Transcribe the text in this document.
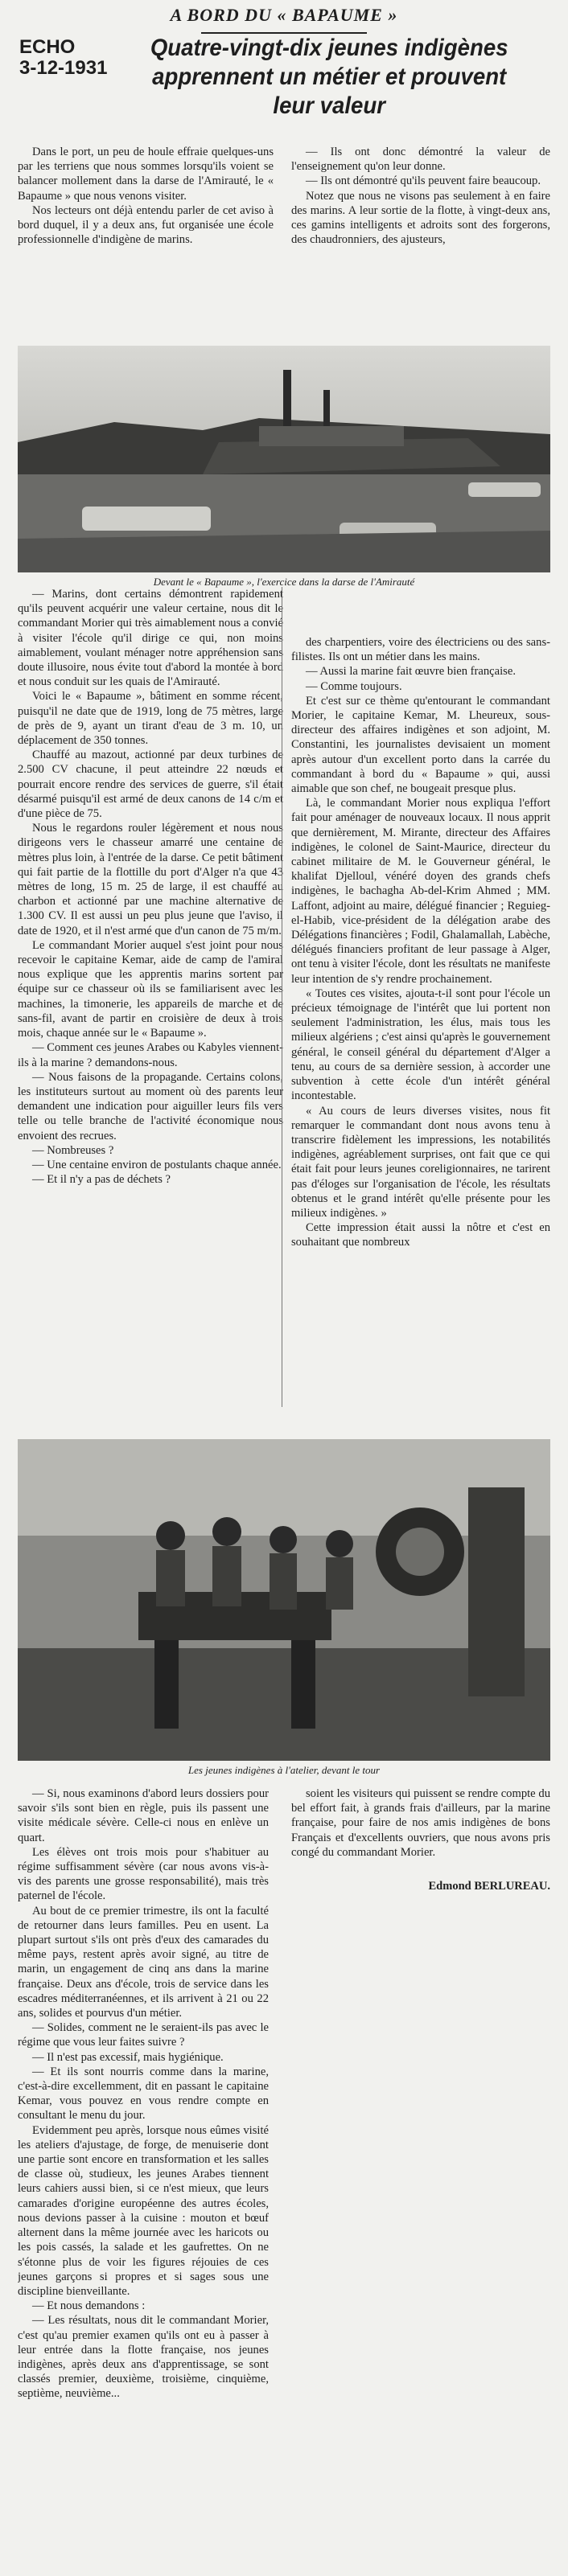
A BORD DU « BAPAUME »
ECHO
3-12-1931
Quatre-vingt-dix jeunes indigènes apprennent un métier et prouvent leur valeur

Dans le port, un peu de houle effraie quelques-uns par les terriens que nous sommes lorsqu'ils voient se balancer mollement dans la darse de l'Amirauté, le « Bapaume » que nous venons visiter.

Nos lecteurs ont déjà entendu parler de cet aviso à bord duquel, il y a deux ans, fut organisée une école professionnelle d'indigène de marins.

— Ils ont donc démontré la valeur de l'enseignement qu'on leur donne.

— Ils ont démontré qu'ils peuvent faire beaucoup.

Notez que nous ne visons pas seulement à en faire des marins. A leur sortie de la flotte, à vingt-deux ans, ces gamins intelligents et adroits sont des forgerons, des chaudronniers, des ajusteurs,

Devant le « Bapaume », l'exercice dans la darse de l'Amirauté

— Marins, dont certains démontrent rapidement qu'ils peuvent acquérir une valeur certaine, nous dit le commandant Morier qui très aimablement nous a convié à visiter l'école qu'il dirige ce qui, non moins aimablement, voulant ménager notre appréhension sans doute illusoire, nous évite tout d'abord la montée à bord et nous conduit sur les quais de l'Amirauté.

Voici le « Bapaume », bâtiment en somme récent, puisqu'il ne date que de 1919, long de 75 mètres, large de près de 9, ayant un tirant d'eau de 3 m. 10, un déplacement de 350 tonnes.

Chauffé au mazout, actionné par deux turbines de 2.500 CV chacune, il peut atteindre 22 nœuds et pourrait encore rendre des services de guerre, s'il était désarmé puisqu'il est armé de deux canons de 14 c/m et d'une pièce de 75.

Nous le regardons rouler légèrement et nous nous dirigeons vers le chasseur amarré une centaine de mètres plus loin, à l'entrée de la darse. Ce petit bâtiment qui fait partie de la flottille du port d'Alger n'a que 43 mètres de long, 15 m. 25 de large, il est chauffé au charbon et actionné par une machine alternative de 1.300 CV. Il est aussi un peu plus jeune que l'aviso, il date de 1920, et il n'est armé que d'un canon de 75 m/m.

Le commandant Morier auquel s'est joint pour nous recevoir le capitaine Kemar, aide de camp de l'amiral nous explique que les apprentis marins sortent par équipe sur ce chasseur où ils se familiarisent avec les machines, la timonerie, les appareils de marche et de sans-fil, avant de partir en croisière de deux à trois mois, chaque année sur le « Bapaume ».

— Comment ces jeunes Arabes ou Kabyles viennent-ils à la marine ? demandons-nous.

— Nous faisons de la propagande. Certains colons, les instituteurs surtout au moment où des parents leur demandent une indication pour aiguiller leurs fils vers telle ou telle branche de l'activité économique nous envoient des recrues.

— Nombreuses ?

— Une centaine environ de postulants chaque année.

— Et il n'y a pas de déchets ?

des charpentiers, voire des électriciens ou des sans-filistes. Ils ont un métier dans les mains.

— Aussi la marine fait œuvre bien française.

— Comme toujours.

Et c'est sur ce thème qu'entourant le commandant Morier, le capitaine Kemar, M. Lheureux, sous-directeur des affaires indigènes et son adjoint, M. Constantini, les journalistes devisaient un moment après autour d'un excellent porto dans la carrée du commandant à bord du « Bapaume » qui, aussi aimable que son chef, ne bougeait presque plus.

Là, le commandant Morier nous expliqua l'effort fait pour aménager de nouveaux locaux. Il nous apprit que dernièrement, M. Mirante, directeur des Affaires indigènes, le colonel de Saint-Maurice, directeur du cabinet militaire de M. le Gouverneur général, le khalifat Djelloul, vénéré doyen des grands chefs indigènes, le bachagha Ab-del-Krim Ahmed ; MM. Laffont, adjoint au maire, délégué financier ; Reguieg-el-Habib, vice-président de la délégation arabe des Délégations financières ; Fodil, Ghalamallah, Labèche, délégués financiers profitant de leur passage à Alger, ont tenu à visiter l'école, dont les résultats ne manifeste leur intention de s'y rendre prochainement.

« Toutes ces visites, ajouta-t-il sont pour l'école un précieux témoignage de l'intérêt que lui portent non seulement l'administration, les élus, mais tous les milieux algériens ; c'est ainsi qu'après le gouvernement général, le conseil général du département d'Alger a tenu, au cours de sa dernière session, à accorder une subvention à cette école d'un intérêt général incontestable.

« Au cours de leurs diverses visites, nous fit remarquer le commandant dont nous avons tenu à transcrire fidèlement les impressions, les notabilités indigènes, agréablement surprises, ont fait que ce qui était fait pour leurs jeunes coreligionnaires, ne tarirent pas d'éloges sur l'organisation de l'école, les résultats obtenus et le grand intérêt qu'elle présente pour les milieux indigènes. »

Cette impression était aussi la nôtre et c'est en souhaitant que nombreux

Les jeunes indigènes à l'atelier, devant le tour

— Si, nous examinons d'abord leurs dossiers pour savoir s'ils sont bien en règle, puis ils passent une visite médicale sévère. Celle-ci nous en enlève un quart.

Les élèves ont trois mois pour s'habituer au régime suffisamment sévère (car nous avons vis-à-vis des parents une grosse responsabilité), mais très paternel de l'école.

Au bout de ce premier trimestre, ils ont la faculté de retourner dans leurs familles. Peu en usent. La plupart surtout s'ils ont près d'eux des camarades du même pays, restent après avoir signé, au titre de marin, un engagement de cinq ans dans la marine française. Deux ans d'école, trois de service dans les escadres méditerranéennes, et ils arrivent à 21 ou 22 ans, solides et pourvus d'un métier.

— Solides, comment ne le seraient-ils pas avec le régime que vous leur faites suivre ?

— Il n'est pas excessif, mais hygiénique.

— Et ils sont nourris comme dans la marine, c'est-à-dire excellemment, dit en passant le capitaine Kemar, vous pouvez en vous rendre compte en consultant le menu du jour.

Evidemment peu après, lorsque nous eûmes visité les ateliers d'ajustage, de forge, de menuiserie dont une partie sont encore en transformation et les salles de classe où, studieux, les jeunes Arabes tiennent leurs cahiers aussi bien, si ce n'est mieux, que leurs camarades d'origine européenne des autres écoles, nous devions passer à la cuisine : mouton et bœuf alternent dans la même journée avec les haricots ou les pois cassés, la salade et les gaufrettes. On ne s'étonne plus de voir les figures réjouies de ces jeunes garçons si propres et si sages sous une discipline bienveillante.

— Et nous demandons :

— Les résultats, nous dit le commandant Morier, c'est qu'au premier examen qu'ils ont eu à passer à leur entrée dans la flotte française, nos jeunes indigènes, après deux ans d'apprentissage, se sont classés premier, deuxième, troisième, cinquième, septième, neuvième...

soient les visiteurs qui puissent se rendre compte du bel effort fait, à grands frais d'ailleurs, par la marine française, pour faire de nos amis indigènes de bons Français et d'excellents ouvriers, que nous avons pris congé du commandant Morier.

Edmond BERLUREAU.
